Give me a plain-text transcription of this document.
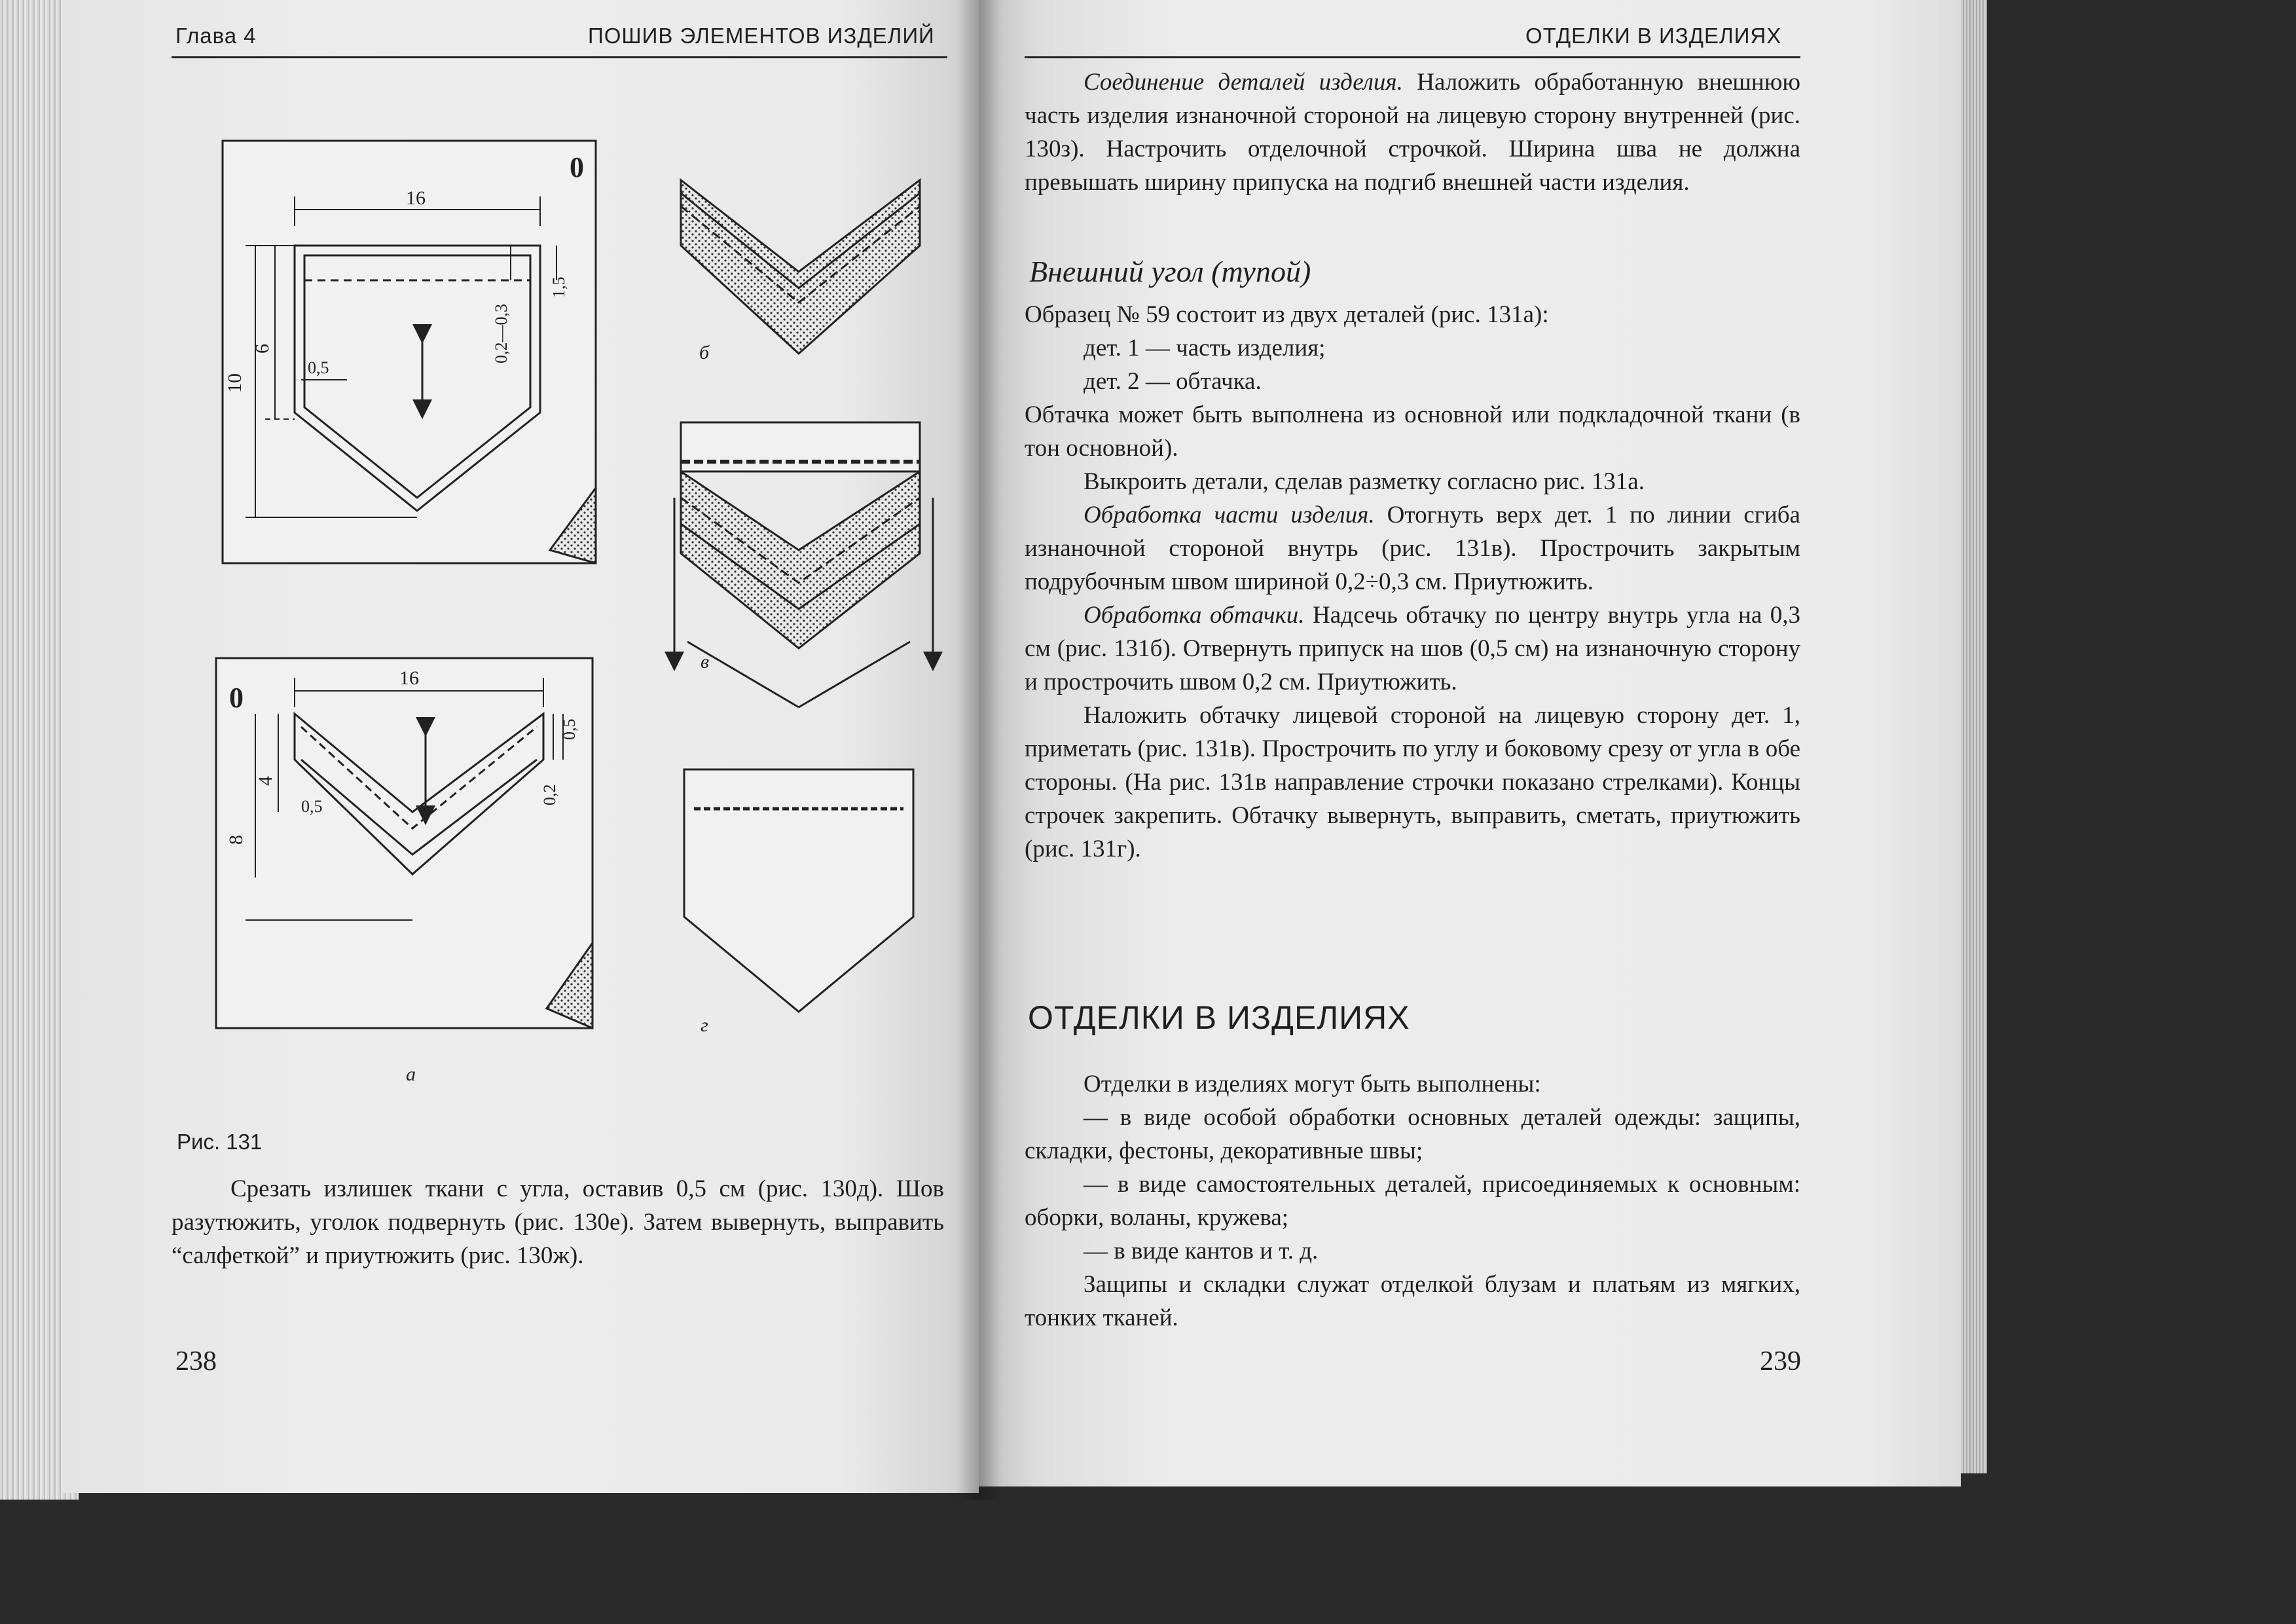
Глава 4	ПОШИВ ЭЛЕМЕНТОВ ИЗДЕЛИЙ
16
0
10
6
0,5
0,2—0,3
1,5
б
в
0
16
0,5
0,2
0,5
8
4
а
г
Рис. 131

Срезать излишек ткани с угла, оставив 0,5 см (рис. 130д). Шов разутюжить, уголок подвернуть (рис. 130е). Затем вывернуть, выправить “салфеткой” и приутюжить (рис. 130ж).

238
ОТДЕЛКИ В ИЗДЕЛИЯХ

Соединение деталей изделия. Наложить обработанную внешнюю часть изделия изнаночной стороной на лицевую сторону внутренней (рис. 130з). Настрочить отделочной строчкой. Ширина шва не должна превышать ширину припуска на подгиб внешней части изделия.

Внешний угол (тупой)

Образец № 59 состоит из двух деталей (рис. 131а):

дет. 1 — часть изделия;

дет. 2 — обтачка.

Обтачка может быть выполнена из основной или подкладочной ткани (в тон основной).

Выкроить детали, сделав разметку согласно рис. 131а.

Обработка части изделия. Отогнуть верх дет. 1 по линии сгиба изнаночной стороной внутрь (рис. 131в). Прострочить закрытым подрубочным швом шириной 0,2÷0,3 см. Приутюжить.

Обработка обтачки. Надсечь обтачку по центру внутрь угла на 0,3 см (рис. 131б). Отвернуть припуск на шов (0,5 см) на изнаночную сторону и прострочить швом 0,2 см. Приутюжить.

Наложить обтачку лицевой стороной на лицевую сторону дет. 1, приметать (рис. 131в). Прострочить по углу и боковому срезу от угла в обе стороны. (На рис. 131в направление строчки показано стрелками). Концы строчек закрепить. Обтачку вывернуть, выправить, сметать, приутюжить (рис. 131г).

ОТДЕЛКИ В ИЗДЕЛИЯХ

Отделки в изделиях могут быть выполнены:

— в виде особой обработки основных деталей одежды: защипы, складки, фестоны, декоративные швы;

— в виде самостоятельных деталей, присоединяемых к основным: оборки, воланы, кружева;

— в виде кантов и т. д.

Защипы и складки служат отделкой блузам и платьям из мягких, тонких тканей.

239
